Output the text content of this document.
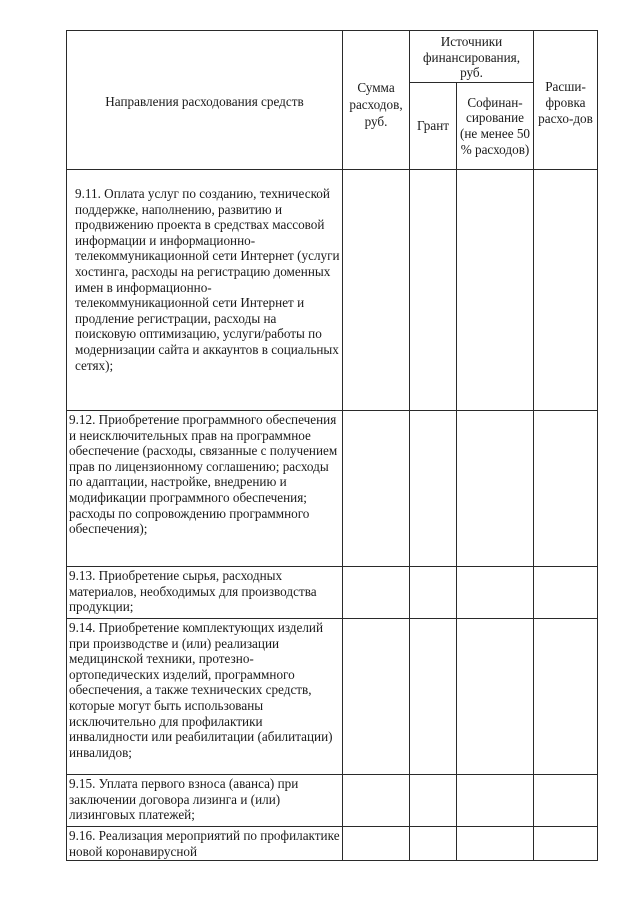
Направления расходования средств	Сумма расходов, руб.	Источники финансирования, руб.		Расши-фровка расхо-дов
		Грант	Софинан-сирование (не менее 50 % расходов)	
9.11. Оплата услуг по созданию, технической поддержке, наполнению, развитию и продвижению проекта в средствах массовой информации и информационно-телекоммуникационной сети Интернет (услуги хостинга, расходы на регистрацию доменных имен в информационно-телекоммуникационной сети Интернет и продление регистрации, расходы на поисковую оптимизацию, услуги/работы по модернизации сайта и аккаунтов в социальных сетях);				
9.12. Приобретение программного обеспечения и неисключительных прав на программное обеспечение (расходы, связанные с получением прав по лицензионному соглашению; расходы по адаптации, настройке, внедрению и модификации программного обеспечения; расходы по сопровождению программного обеспечения);				
9.13. Приобретение сырья, расходных материалов, необходимых для производства продукции;				
9.14. Приобретение комплектующих изделий при производстве и (или) реализации медицинской техники, протезно-ортопедических изделий, программного обеспечения, а также технических средств, которые могут быть использованы исключительно для профилактики инвалидности или реабилитации (абилитации) инвалидов;				
9.15. Уплата первого взноса (аванса) при заключении договора лизинга и (или) лизинговых платежей;				
9.16. Реализация мероприятий по профилактике новой коронавирусной				
